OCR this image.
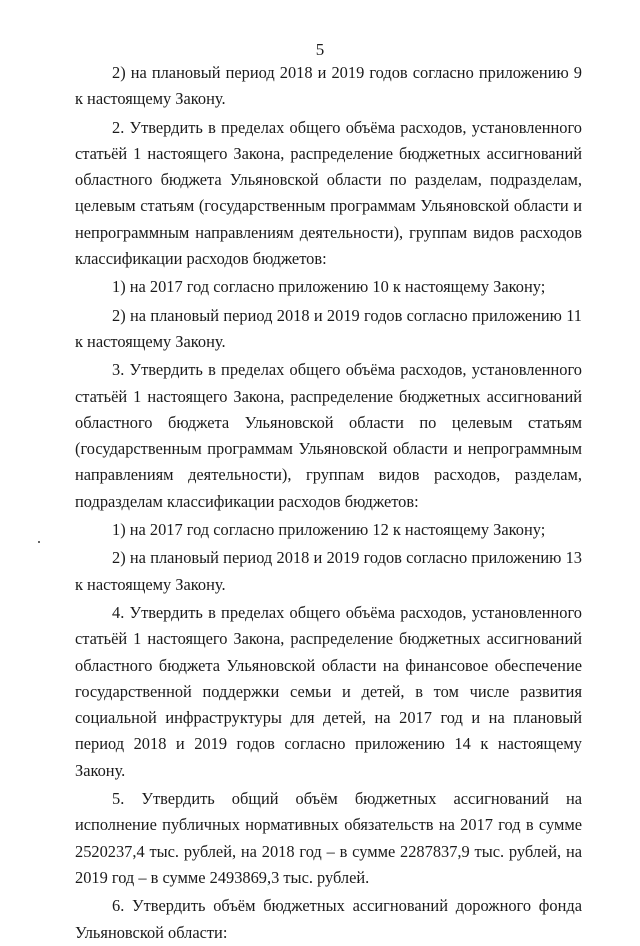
5

2) на плановый период 2018 и 2019 годов согласно приложению 9 к настоящему Закону.

2. Утвердить в пределах общего объёма расходов, установленного статьёй 1 настоящего Закона, распределение бюджетных ассигнований областного бюджета Ульяновской области по разделам, подразделам, целевым статьям (государственным программам Ульяновской области и непрограммным направлениям деятельности), группам видов расходов классификации расходов бюджетов:

1) на 2017 год согласно приложению 10 к настоящему Закону;

2) на плановый период 2018 и 2019 годов согласно приложению 11 к настоящему Закону.

3. Утвердить в пределах общего объёма расходов, установленного статьёй 1 настоящего Закона, распределение бюджетных ассигнований областного бюджета Ульяновской области по целевым статьям (государственным программам Ульяновской области и непрограммным направлениям деятельности), группам видов расходов, разделам, подразделам классификации расходов бюджетов:

1) на 2017 год согласно приложению 12 к настоящему Закону;

2) на плановый период 2018 и 2019 годов согласно приложению 13 к настоящему Закону.

4. Утвердить в пределах общего объёма расходов, установленного статьёй 1 настоящего Закона, распределение бюджетных ассигнований областного бюджета Ульяновской области на финансовое обеспечение государственной поддержки семьи и детей, в том числе развития социальной инфраструктуры для детей, на 2017 год и на плановый период 2018 и 2019 годов согласно приложению 14 к настоящему Закону.

5. Утвердить общий объём бюджетных ассигнований на исполнение публичных нормативных обязательств на 2017 год в сумме 2520237,4 тыс. рублей, на 2018 год – в сумме 2287837,9 тыс. рублей, на 2019 год – в сумме 2493869,3 тыс. рублей.

6. Утвердить объём бюджетных ассигнований дорожного фонда Ульяновской области:
